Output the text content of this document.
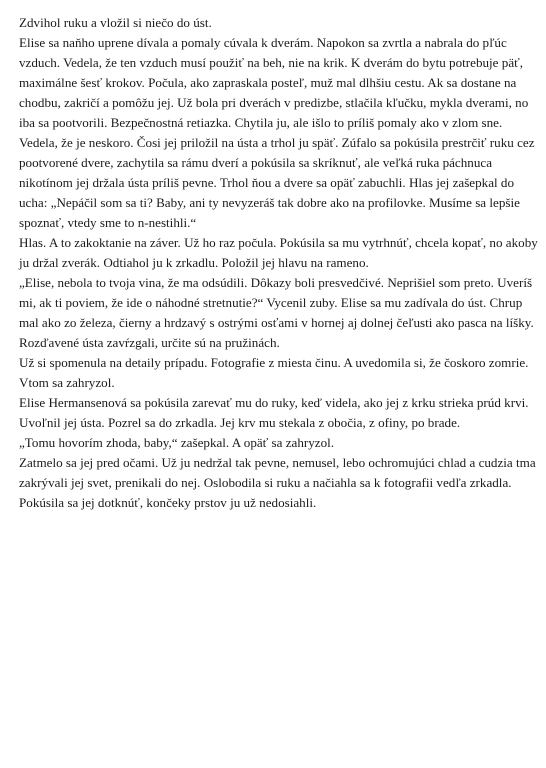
Zdvihol ruku a vložil si niečo do úst.

Elise sa naňho uprene dívala a pomaly cúvala k dverám. Napokon sa zvrtla a nabrala do pľúc vzduch. Vedela, že ten vzduch musí použiť na beh, nie na krik. K dverám do bytu potrebuje päť, maximálne šesť krokov. Počula, ako zapraskala posteľ, muž mal dlhšiu cestu. Ak sa dostane na chodbu, zakričí a pomôžu jej. Už bola pri dverách v predizbe, stlačila kľučku, mykla dverami, no iba sa pootvorili. Bezpečnostná retiazka. Chytila ju, ale išlo to príliš pomaly ako v zlom sne. Vedela, že je neskoro. Čosi jej priložil na ústa a trhol ju späť. Zúfalo sa pokúsila prestrčiť ruku cez pootvorené dvere, zachytila sa rámu dverí a pokúsila sa skríknuť, ale veľká ruka páchnuca nikotínom jej držala ústa príliš pevne. Trhol ňou a dvere sa opäť zabuchli. Hlas jej zašepkal do ucha: „Nepáčil som sa ti? Baby, ani ty nevyzeráš tak dobre ako na profilovke. Musíme sa lepšie spoznať, vtedy sme to n-nestihli.“

Hlas. A to zakoktanie na záver. Už ho raz počula. Pokúsila sa mu vytrhnúť, chcela kopať, no akoby ju držal zverák. Odtiahol ju k zrkadlu. Položil jej hlavu na rameno.

„Elise, nebola to tvoja vina, že ma odsúdili. Dôkazy boli presvedčivé. Neprišiel som preto. Uveríš mi, ak ti poviem, že ide o náhodné stretnutie?“ Vycenil zuby. Elise sa mu zadívala do úst. Chrup mal ako zo železa, čierny a hrdzavý s ostrými osťami v hornej aj dolnej čeľusti ako pasca na líšky.

Rozďavené ústa zavŕzgali, určite sú na pružinách.

Už si spomenula na detaily prípadu. Fotografie z miesta činu. A uvedomila si, že čoskoro zomrie.

Vtom sa zahryzol.

Elise Hermansenová sa pokúsila zarevať mu do ruky, keď videla, ako jej z krku strieka prúd krvi.

Uvoľnil jej ústa. Pozrel sa do zrkadla. Jej krv mu stekala z obočia, z ofiny, po brade.

„Tomu hovorím zhoda, baby,“ zašepkal. A opäť sa zahryzol.

Zatmelo sa jej pred očami. Už ju nedržal tak pevne, nemusel, lebo ochromujúci chlad a cudzia tma zakrývali jej svet, prenikali do nej. Oslobodila si ruku a načiahla sa k fotografii vedľa zrkadla. Pokúsila sa jej dotknúť, končeky prstov ju už nedosiahli.
